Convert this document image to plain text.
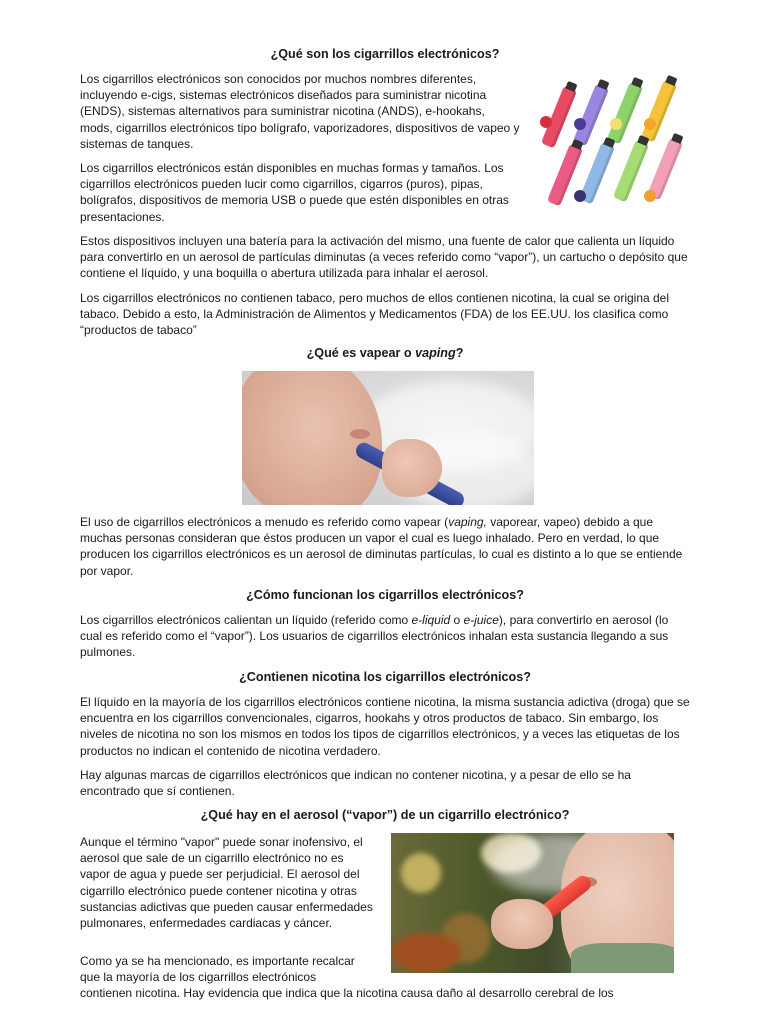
¿Qué son los cigarrillos electrónicos?

Los cigarrillos electrónicos son conocidos por muchos nombres diferentes, incluyendo e-cigs, sistemas electrónicos diseñados para suministrar nicotina (ENDS), sistemas alternativos para suministrar nicotina (ANDS), e-hookahs, mods, cigarrillos electrónicos tipo bolígrafo, vaporizadores, dispositivos de vapeo y sistemas de tanques.

Los cigarrillos electrónicos están disponibles en muchas formas y tamaños. Los cigarrillos electrónicos pueden lucir como cigarrillos, cigarros (puros), pipas, bolígrafos, dispositivos de memoria USB o puede que estén disponibles en otras presentaciones.

Estos dispositivos incluyen una batería para la activación del mismo, una fuente de calor que calienta un líquido para convertirlo en un aerosol de partículas diminutas (a veces referido como “vapor”), un cartucho o depósito que contiene el líquido, y una boquilla o abertura utilizada para inhalar el aerosol.

Los cigarrillos electrónicos no contienen tabaco, pero muchos de ellos contienen nicotina, la cual se origina del tabaco. Debido a esto, la Administración de Alimentos y Medicamentos (FDA) de los EE.UU. los clasifica como “productos de tabaco”

¿Qué es vapear o vaping?

El uso de cigarrillos electrónicos a menudo es referido como vapear (vaping, vaporear, vapeo) debido a que muchas personas consideran que éstos producen un vapor el cual es luego inhalado. Pero en verdad, lo que producen los cigarrillos electrónicos es un aerosol de diminutas partículas, lo cual es distinto a lo que se entiende por vapor.

¿Cómo funcionan los cigarrillos electrónicos?

Los cigarrillos electrónicos calientan un líquido (referido como e-liquid o e-juice), para convertirlo en aerosol (lo cual es referido como el “vapor”). Los usuarios de cigarrillos electrónicos inhalan esta sustancia llegando a sus pulmones.

¿Contienen nicotina los cigarrillos electrónicos?

El líquido en la mayoría de los cigarrillos electrónicos contiene nicotina, la misma sustancia adictiva (droga) que se encuentra en los cigarrillos convencionales, cigarros, hookahs y otros productos de tabaco. Sin embargo, los niveles de nicotina no son los mismos en todos los tipos de cigarrillos electrónicos, y a veces las etiquetas de los productos no indican el contenido de nicotina verdadero.

Hay algunas marcas de cigarrillos electrónicos que indican no contener nicotina, y a pesar de ello se ha encontrado que sí contienen.

¿Qué hay en el aerosol (“vapor”) de un cigarrillo electrónico?

Aunque el término "vapor" puede sonar inofensivo, el aerosol que sale de un cigarrillo electrónico no es vapor de agua y puede ser perjudicial. El aerosol del cigarrillo electrónico puede contener nicotina y otras sustancias adictivas que pueden causar enfermedades pulmonares, enfermedades cardiacas y cáncer.

Como ya se ha mencionado, es importante recalcar que la mayoría de los cigarrillos electrónicos

contienen nicotina. Hay evidencia que indica que la nicotina causa daño al desarrollo cerebral de los
